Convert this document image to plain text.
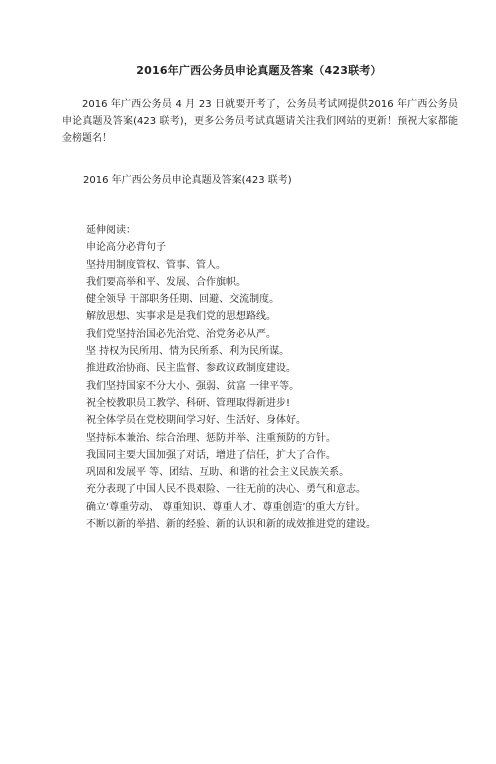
2016年广西公务员申论真题及答案（423联考）
2016 年广西公务员 4 月 23 日就要开考了，公务员考试网提供2016 年广西公务员申论真题及答案(423 联考)，更多公务员考试真题请关注我们网站的更新！预祝大家都能金榜题名！
2016 年广西公务员申论真题及答案(423 联考)
延伸阅读：
申论高分必背句子
坚持用制度管权、管事、管人。
我们要高举和平、发展、合作旗帜。
健全领导 干部职务任期、回避、交流制度。
解放思想、实事求是是我们党的思想路线。
我们党坚持治国必先治党、治党务必从严。
坚 持权为民所用、情为民所系、利为民所谋。
推进政治协商、民主监督、参政议政制度建设。
我们坚持国家不分大小、强弱、贫富 一律平等。
祝全校教职员工教学、科研、管理取得新进步!
祝全体学员在党校期间学习好、生活好、身体好。
坚持标本兼治、综合治理、惩防并举、注重预防的方针。
我国同主要大国加强了对话，增进了信任，扩大了合作。
巩固和发展平 等、团结、互助、和谐的社会主义民族关系。
充分表现了中国人民不畏艰险、一往无前的决心、勇气和意志。
确立‘尊重劳动、 尊重知识、尊重人才、尊重创造’的重大方针。
不断以新的举措、新的经验、新的认识和新的成效推进党的建设。
